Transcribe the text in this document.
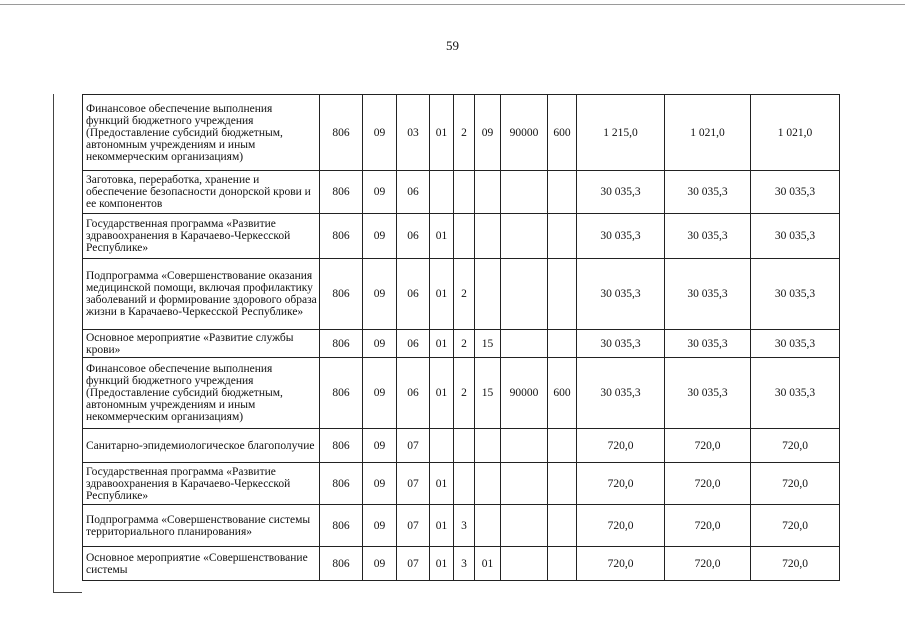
59
Финансовое обеспечение выполнения функций бюджетного учреждения (Предоставление субсидий бюджетным, автономным учреждениям и иным некоммерческим организациям)	806	09	03	01	2	09	90000	600	1 215,0	1 021,0	1 021,0
Заготовка, переработка, хранение и обеспечение безопасности донорской крови и ее компонентов	806	09	06						30 035,3	30 035,3	30 035,3
Государственная программа «Развитие здравоохранения в Карачаево-Черкесской Республике»	806	09	06	01					30 035,3	30 035,3	30 035,3
Подпрограмма «Совершенствование оказания медицинской помощи, включая профилактику заболеваний и формирование здорового образа жизни в Карачаево-Черкесской Республике»	806	09	06	01	2				30 035,3	30 035,3	30 035,3
Основное мероприятие «Развитие службы крови»	806	09	06	01	2	15			30 035,3	30 035,3	30 035,3
Финансовое обеспечение выполнения функций бюджетного учреждения (Предоставление субсидий бюджетным, автономным учреждениям и иным некоммерческим организациям)	806	09	06	01	2	15	90000	600	30 035,3	30 035,3	30 035,3
Санитарно-эпидемиологическое благополучие	806	09	07						720,0	720,0	720,0
Государственная программа «Развитие здравоохранения в Карачаево-Черкесской Республике»	806	09	07	01					720,0	720,0	720,0
Подпрограмма «Совершенствование системы территориального планирования»	806	09	07	01	3				720,0	720,0	720,0
Основное мероприятие «Совершенствование системы	806	09	07	01	3	01			720,0	720,0	720,0
